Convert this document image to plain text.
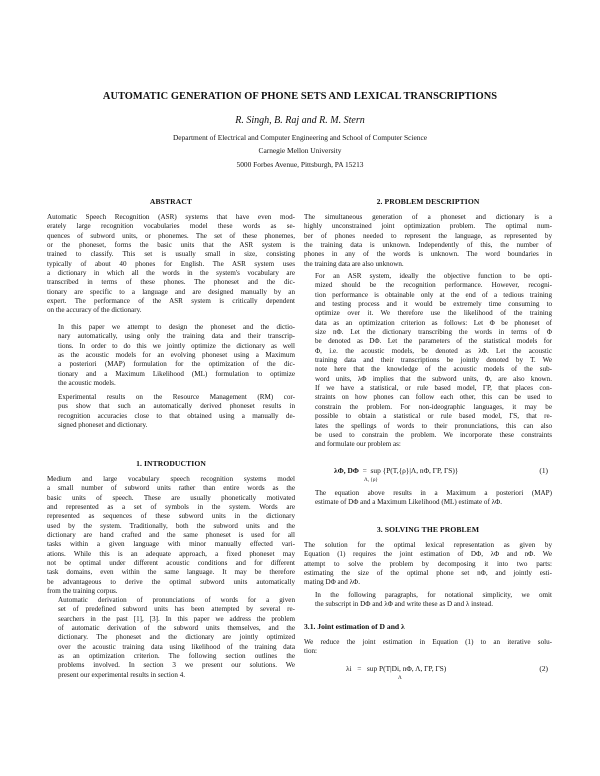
AUTOMATIC GENERATION OF PHONE SETS AND LEXICAL TRANSCRIPTIONS
R. Singh, B. Raj and R. M. Stern
Department of Electrical and Computer Engineering and School of Computer Science
Carnegie Mellon University
5000 Forbes Avenue, Pittsburgh, PA 15213
ABSTRACT
Automatic Speech Recognition (ASR) systems that have even mod-
erately large recognition vocabularies model these words as se-
quences of subword units, or phonemes. The set of these phonemes,
or the phoneset, forms the basic units that the ASR system is
trained to classify. This set is usually small in size, consisting
typically of about 40 phones for English. The ASR system uses
a dictionary in which all the words in the system's vocabulary are
transcribed in terms of these phones. The phoneset and the dic-
tionary are specific to a language and are designed manually by an
expert. The performance of the ASR system is critically dependent
on the accuracy of the dictionary.
In this paper we attempt to design the phoneset and the dictio-
nary automatically, using only the training data and their transcrip-
tions. In order to do this we jointly optimize the dictionary as well
as the acoustic models for an evolving phoneset using a Maximum
a posteriori (MAP) formulation for the optimization of the dic-
tionary and a Maximum Likelihood (ML) formulation to optimize
the acoustic models.
Experimental results on the Resource Management (RM) cor-
pus show that such an automatically derived phoneset results in
recognition accuracies close to that obtained using a manually de-
signed phoneset and dictionary.
1. INTRODUCTION
Medium and large vocabulary speech recognition systems model
a small number of subword units rather than entire words as the
basic units of speech. These are usually phonetically motivated
and represented as a set of symbols in the system. Words are
represented as sequences of these subword units in the dictionary
used by the system. Traditionally, both the subword units and the
dictionary are hand crafted and the same phoneset is used for all
tasks within a given language with minor manually effected vari-
ations. While this is an adequate approach, a fixed phoneset may
not be optimal under different acoustic conditions and for different
task domains, even within the same language. It may be therefore
be advantageous to derive the optimal subword units automatically
from the training corpus.
Automatic derivation of pronunciations of words for a given
set of predefined subword units has been attempted by several re-
searchers in the past [1], [3]. In this paper we address the problem
of automatic derivation of the subword units themselves, and the
dictionary. The phoneset and the dictionary are jointly optimized
over the acoustic training data using likelihood of the training data
as an optimization criterion. The following section outlines the
problems involved. In section 3 we present our solutions. We
present our experimental results in section 4.
2. PROBLEM DESCRIPTION
The simultaneous generation of a phoneset and dictionary is a
highly unconstrained joint optimization problem. The optimal num-
ber of phones needed to represent the language, as represented by
the training data is unknown. Independently of this, the number of
phones in any of the words is unknown. The word boundaries in
the training data are also unknown.
For an ASR system, ideally the objective function to be opti-
mized should be the recognition performance. However, recogni-
tion performance is obtainable only at the end of a tedious training
and testing process and it would be extremely time consuming to
optimize over it. We therefore use the likelihood of the training
data as an optimization criterion as follows: Let Φ be phoneset of
size nΦ. Let the dictionary transcribing the words in terms of Φ
be denoted as DΦ. Let the parameters of the statistical models for
Φ, i.e. the acoustic models, be denoted as λΦ. Let the acoustic
training data and their transcriptions be jointly denoted by T. We
note here that the knowledge of the acoustic models of the sub-
word units, λΦ implies that the subword units, Φ, are also known.
If we have a statistical, or rule based model, ΓP, that places con-
straints on how phones can follow each other, this can be used to
constrain the problem. For non-ideographic languages, it may be
possible to obtain a statistical or rule based model, ΓS, that re-
lates the spellings of words to their pronunciations, this can also
be used to constrain the problem. We incorporate these constraints
and formulate our problem as:
λΦ, DΦ = sup {P(T,{ρ}|Λ, nΦ, ΓP, ΓS)}
Λ, {ρ}
(1)
The equation above results in a Maximum a posteriori (MAP)
estimate of DΦ and a Maximum Likelihood (ML) estimate of λΦ.
3. SOLVING THE PROBLEM
The solution for the optimal lexical representation as given by
Equation (1) requires the joint estimation of DΦ, λΦ and nΦ. We
attempt to solve the problem by decomposing it into two parts:
estimating the size of the optimal phone set nΦ, and jointly esti-
mating DΦ and λΦ.
In the following paragraphs, for notational simplicity, we omit
the subscript in DΦ and λΦ and write these as D and λ instead.
3.1. Joint estimation of D and λ
We reduce the joint estimation in Equation (1) to an iterative solu-
tion:
λi = sup P(T|Di, nΦ, Λ, ΓP, ΓS)
Λ
(2)
